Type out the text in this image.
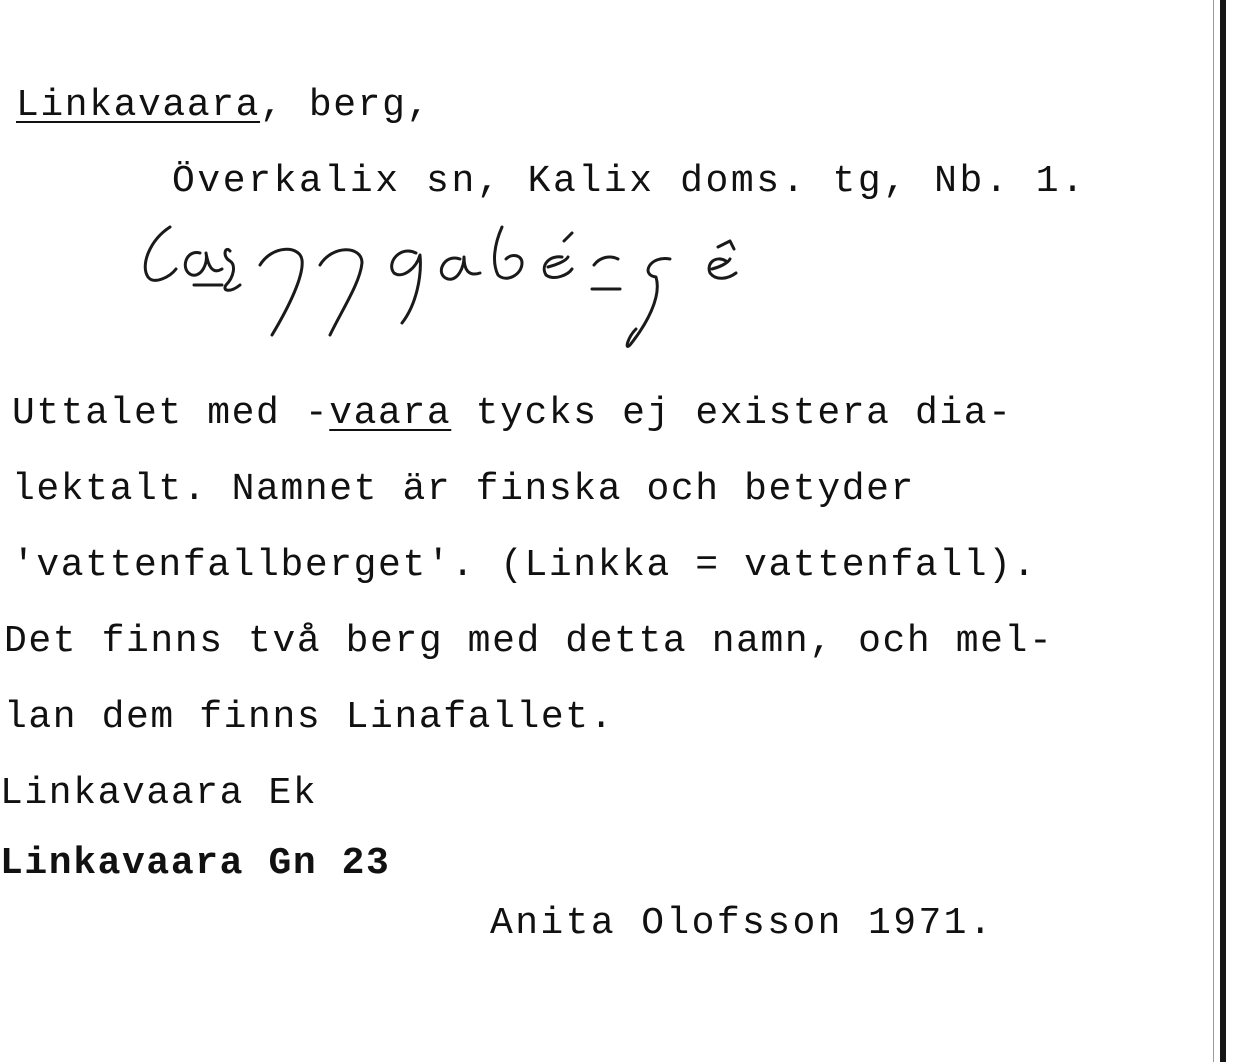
Linkavaara, berg,
Överkalix sn, Kalix doms. tg, Nb. 1.
Uttalet med -vaara tycks ej existera dia-
lektalt. Namnet är finska och betyder
'vattenfallberget'. (Linkka = vattenfall).
Det finns två berg med detta namn, och mel-
lan dem finns Linafallet.
Linkavaara Ek
Linkavaara Gn 23
Anita Olofsson 1971.
